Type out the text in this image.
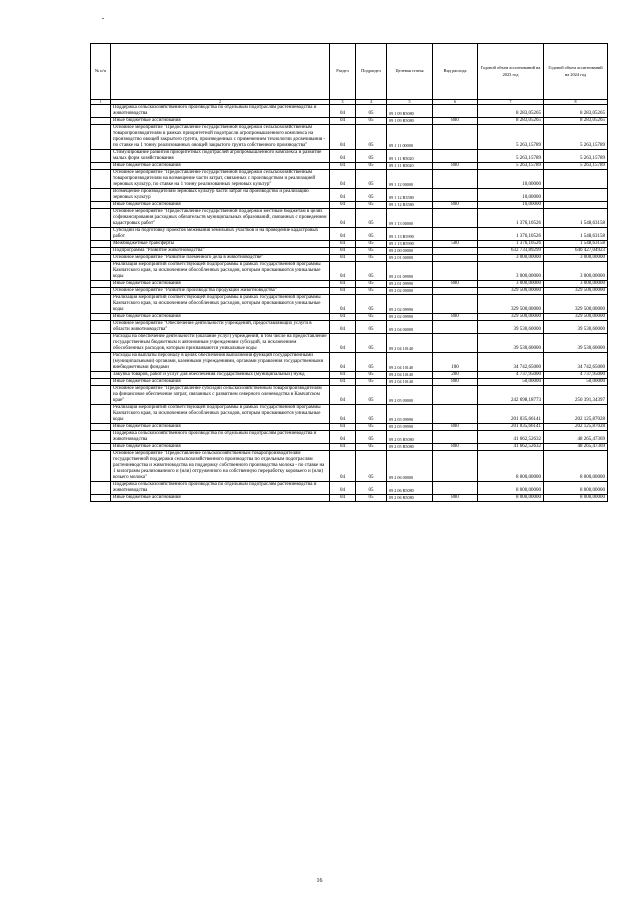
№ п/п		Раздел	Подраздел	Целевая статья	Вид расхода	Годовой объем ассигнований на 2023 год	Годовой объем ассигнований на 2024 год
1	2	3	4	5	6	7	8
	Поддержка сельскохозяйственного производства по отдельным подотраслям растениеводства и животноводства	04	05	09 1 09 R5080		8 283,05265	8 283,05265
	Иные бюджетные ассигнования	04	05	09 1 09 R5080	800	8 283,05265	8 283,05265
	Основное мероприятие "Предоставление государственной поддержки сельскохозяйственным товаропроизводителям в рамках приоритетной подотрасли агропромышленного комплекса на производство овощей закрытого грунта, произведенных с применением технологии досвечивания - по ставке на 1 тонну реализованных овощей закрытого грунта собственного производства"	04	05	09 1 11 00000		5 263,15789	5 263,15789
	Стимулирование развития приоритетных подотраслей агропромышленного комплекса и развитие малых форм хозяйствования	04	05	09 1 11 R5020		5 263,15789	5 263,15789
	Иные бюджетные ассигнования	04	05	09 1 11 R5020	800	5 263,15789	5 263,15789
	Основное мероприятие "Предоставление государственной поддержки сельскохозяйственным товаропроизводителям на возмещение части затрат, связанных с производством и реализацией зерновых культур, по ставке на 1 тонну реализованных зерновых культур"	04	05	09 1 12 00000		10,00000	
	Возмещение производителям зерновых культур части затрат на производство и реализацию зерновых культур	04	05	09 1 12 R3580		10,00000	
	Иные бюджетные ассигнования	04	05	09 1 12 R3580	800	10,00000	
	Основное мероприятие "Предоставление государственной поддержки местным бюджетам в целях софинансирования расходных обязательств муниципальных образований, связанных с проведением кадастровых работ"	04	05	09 1 13 00000		1 376,10526	1 548,63158
	Субсидии на подготовку проектов межевания земельных участков и на проведение кадастровых работ	04	05	09 1 13 R5990		1 376,10526	1 548,63158
	Межбюджетные трансферты	04	05	09 1 13 R5990	500	1 376,10526	1 548,63158
	Подпрограмма "Развитие животноводства"	04	05	09 2 00 00000		632 733,89299	640 427,04923
	Основное мероприятие "Развитие племенного дела в животноводстве"	04	05	09 2 01 00000		3 000,00000	3 000,00000
	Реализация мероприятий соответствующей подпрограммы в рамках государственной программы Камчатского края, за исключением обособленных расходов, которым присваиваются уникальные коды	04	05	09 2 01 09990		3 000,00000	3 000,00000
	Иные бюджетные ассигнования	04	05	09 2 01 09990	800	3 000,00000	3 000,00000
	Основное мероприятие "Развитие производства продукции животноводства"	04	05	09 2 02 00000		329 500,00000	329 500,00000
	Реализация мероприятий соответствующей подпрограммы в рамках государственной программы Камчатского края, за исключением обособленных расходов, которым присваиваются уникальные коды	04	05	09 2 02 09990		329 500,00000	329 500,00000
	Иные бюджетные ассигнования	04	05	09 2 02 09990	800	329 500,00000	329 500,00000
	Основное мероприятие "Обеспечение деятельности учреждений, предоставляющих услуги в области животноводства"	04	05	09 2 04 00000		39 530,60000	39 530,60000
	Расходы на обеспечение деятельности (оказание услуг) учреждений, в том числе на предоставление государственным бюджетным и автономным учреждениям субсидий, за исключением обособленных расходов, которым присваиваются уникальные коды	04	05	09 2 04 10140		39 530,60000	39 530,60000
	Расходы на выплаты персоналу в целях обеспечения выполнения функций государственными (муниципальными) органами, казенными учреждениями, органами управления государственными внебюджетными фондами	04	05	09 2 04 10140	100	34 742,65000	34 742,65000
	Закупка товаров, работ и услуг для обеспечения государственных (муниципальных) нужд	04	05	09 2 04 10140	200	4 737,95000	4 737,95000
	Иные бюджетные ассигнования	04	05	09 2 04 10140	800	50,00000	50,00000
	Основное мероприятие "Предоставление субсидии сельскохозяйственным товаропроизводителям на финансовое обеспечение затрат, связанных с развитием северного оленеводства в Камчатском крае"	04	05	09 2 05 00000		242 698,18773	250 391,34397
	Реализация мероприятий соответствующей подпрограммы в рамках государственной программы Камчатского края, за исключением обособленных расходов, которым присваиваются уникальные коды	04	05	09 2 05 09990		201 035,66141	202 125,87028
	Иные бюджетные ассигнования	04	05	09 2 05 09990	800	201 035,66141	202 125,87028
	Поддержка сельскохозяйственного производства по отдельным подотраслям растениеводства и животноводства	04	05	09 2 05 R5080		41 662,52632	48 265,47369
	Иные бюджетные ассигнования	04	05	09 2 05 R5080	800	41 662,52632	48 265,47369
	Основное мероприятие "Предоставление сельскохозяйственным товаропроизводителям государственной поддержки сельскохозяйственного производства по отдельным подотраслям растениеводства и животноводства на поддержку собственного производства молока - по ставке на 1 килограмм реализованного и (или) отгруженного на собственную переработку коровьего и (или) козьего молока"	04	05	09 2 06 00000		8 000,00000	8 000,00000
	Поддержка сельскохозяйственного производства по отдельным подотраслям растениеводства и животноводства	04	05	09 2 06 R5080		8 000,00000	8 000,00000
	Иные бюджетные ассигнования	04	05	09 2 06 R5080	800	8 000,00000	8 000,00000
16
